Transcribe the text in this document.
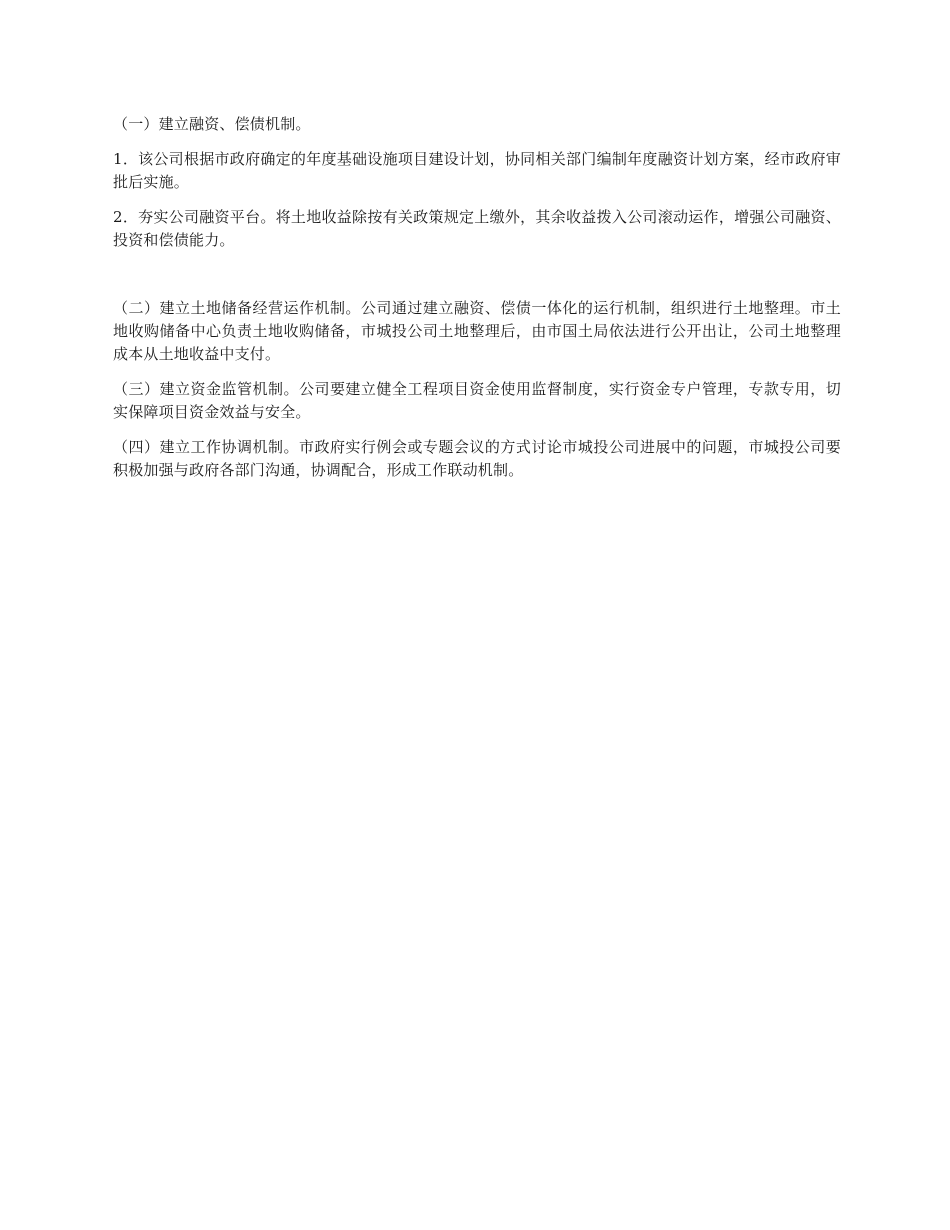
（一）建立融资、偿债机制。

1．该公司根据市政府确定的年度基础设施项目建设计划，协同相关部门编制年度融资计划方案，经市政府审批后实施。

2．夯实公司融资平台。将土地收益除按有关政策规定上缴外，其余收益拨入公司滚动运作，增强公司融资、投资和偿债能力。

（二）建立土地储备经营运作机制。公司通过建立融资、偿债一体化的运行机制，组织进行土地整理。市土地收购储备中心负责土地收购储备，市城投公司土地整理后，由市国土局依法进行公开出让，公司土地整理成本从土地收益中支付。

（三）建立资金监管机制。公司要建立健全工程项目资金使用监督制度，实行资金专户管理，专款专用，切实保障项目资金效益与安全。

（四）建立工作协调机制。市政府实行例会或专题会议的方式讨论市城投公司进展中的问题，市城投公司要积极加强与政府各部门沟通，协调配合，形成工作联动机制。
